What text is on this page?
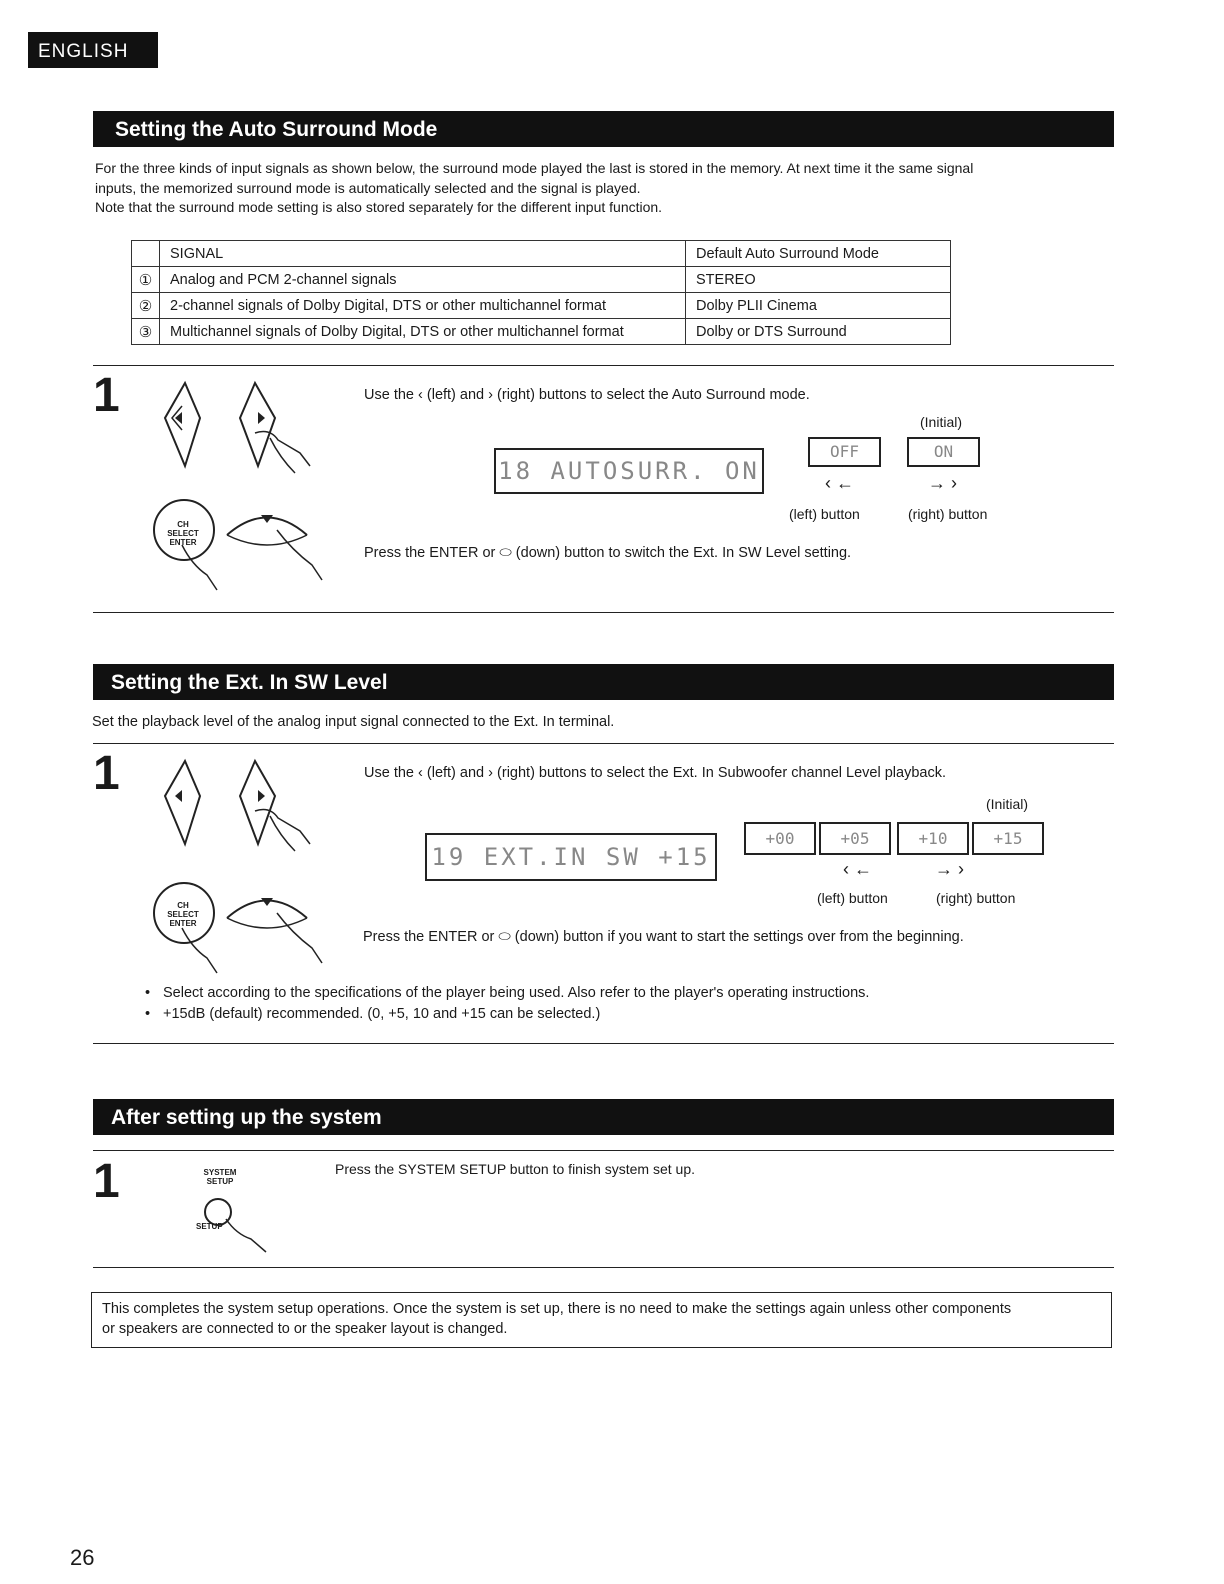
ENGLISH
Setting the Auto Surround Mode
For the three kinds of input signals as shown below, the surround mode played the last is stored in the memory. At next time it the same signal
inputs, the memorized surround mode is automatically selected and the signal is played.
Note that the surround mode setting is also stored separately for the different input function.
	SIGNAL	Default Auto Surround Mode
①	Analog and PCM 2-channel signals	STEREO
②	2-channel signals of Dolby Digital, DTS or other multichannel format	Dolby PLII Cinema
③	Multichannel signals of Dolby Digital, DTS or other multichannel format	Dolby or DTS Surround
1
CH SELECT
ENTER
Use the ‹ (left) and › (right) buttons to select the Auto Surround mode.
(Initial)
18 AUTOSURR. ON
OFF	ON
‹ ←	→ ›
(left) button	(right) button
Press the ENTER or ⬭ (down) button to switch the Ext. In SW Level setting.
Setting the Ext. In SW Level
Set the playback level of the analog input signal connected to the Ext. In terminal.
1
CH SELECT
ENTER
Use the ‹ (left) and › (right) buttons to select the Ext. In Subwoofer channel Level playback.
(Initial)
19 EXT.IN SW +15
+00	+05	+10	+15
‹ ←	→ ›
(left) button	(right) button
Press the ENTER or ⬭ (down) button if you want to start the settings over from the beginning.
• Select according to the specifications of the player being used. Also refer to the player's operating instructions.
• +15dB (default) recommended. (0, +5, 10 and +15 can be selected.)
After setting up the system
1	SYSTEM SETUP
SETUP
Press the SYSTEM SETUP button to finish system set up.
This completes the system setup operations. Once the system is set up, there is no need to make the settings again unless other components
or speakers are connected to or the speaker layout is changed.
26
